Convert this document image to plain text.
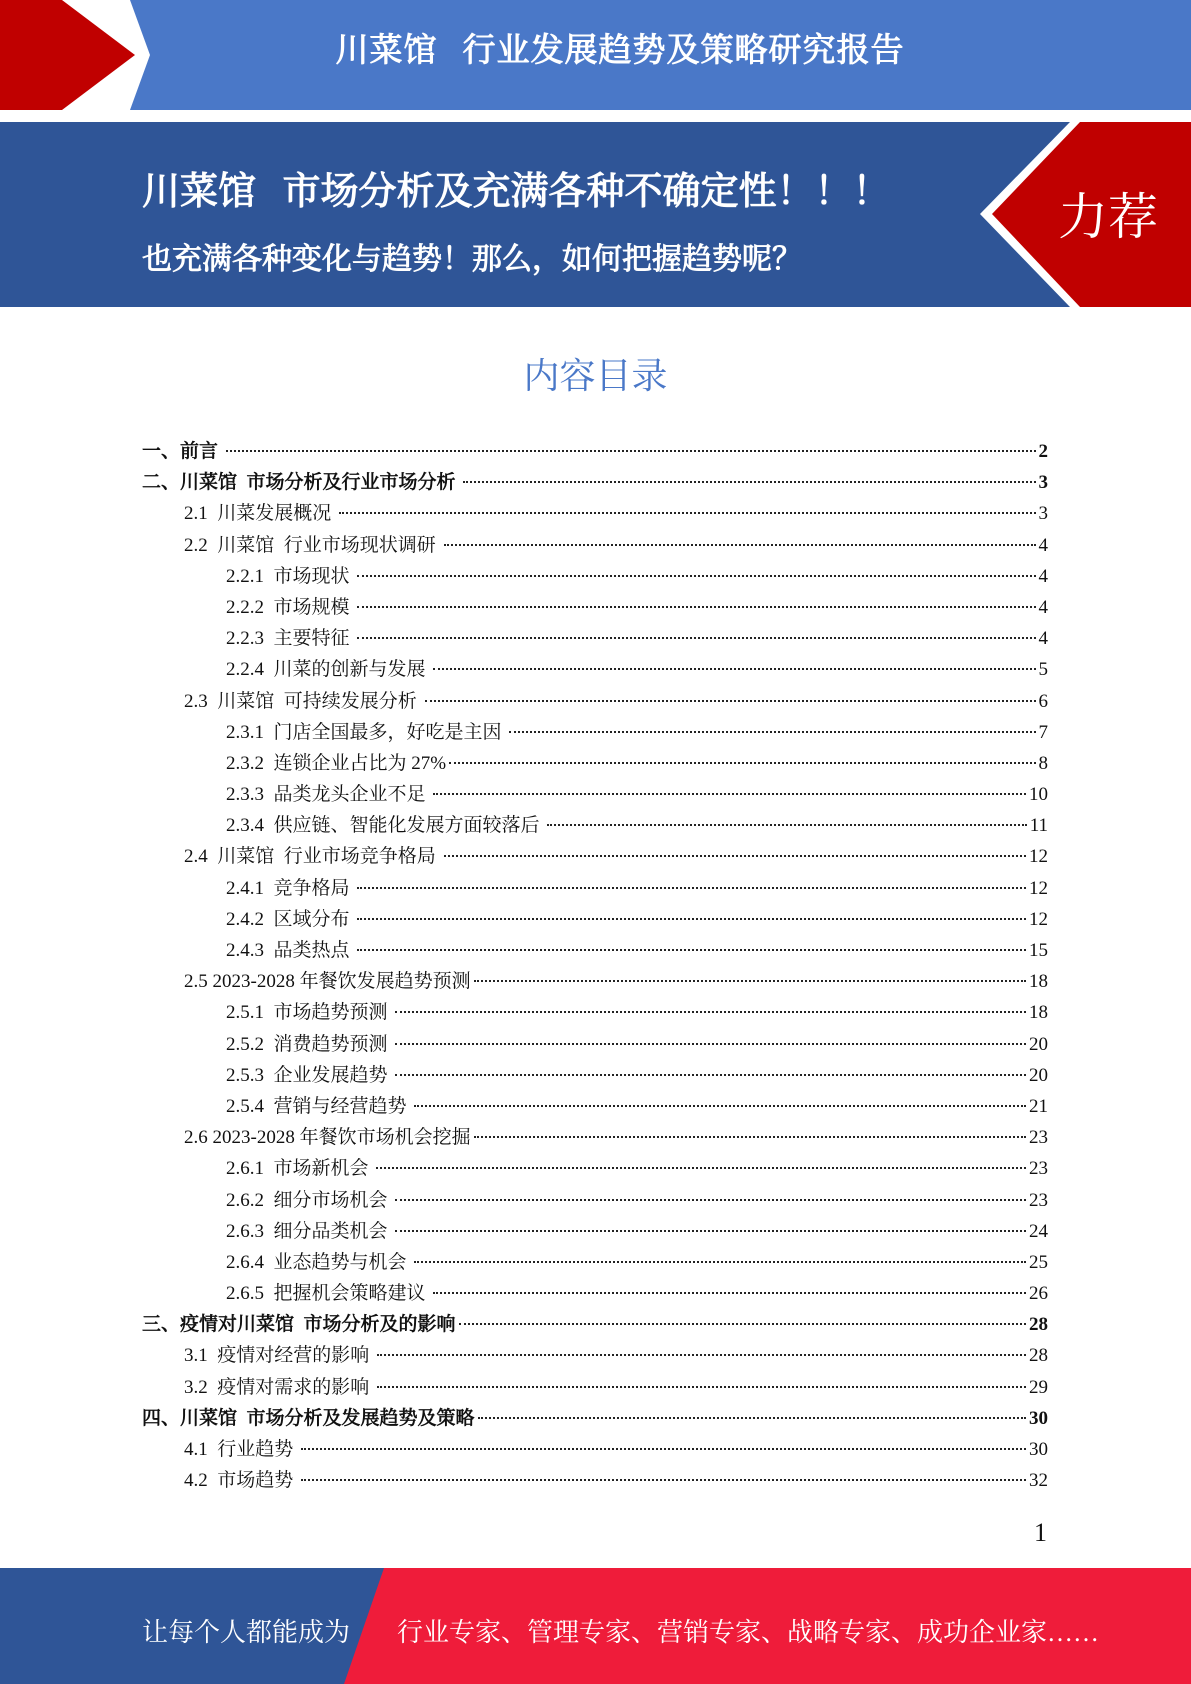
川菜馆  行业发展趋势及策略研究报告
川菜馆  市场分析及充满各种不确定性！！！
也充满各种变化与趋势！那么，如何把握趋势呢？
力荐
内容目录
一、前言	2
二、川菜馆  市场分析及行业市场分析	3
2.1  川菜发展概况	3
2.2  川菜馆  行业市场现状调研	4
2.2.1  市场现状	4
2.2.2  市场规模	4
2.2.3  主要特征	4
2.2.4  川菜的创新与发展	5
2.3  川菜馆  可持续发展分析	6
2.3.1  门店全国最多，好吃是主因	7
2.3.2  连锁企业占比为 27%	8
2.3.3  品类龙头企业不足	10
2.3.4  供应链、智能化发展方面较落后	11
2.4  川菜馆  行业市场竞争格局	12
2.4.1  竞争格局	12
2.4.2  区域分布	12
2.4.3  品类热点	15
2.5 2023-2028 年餐饮发展趋势预测	18
2.5.1  市场趋势预测	18
2.5.2  消费趋势预测	20
2.5.3  企业发展趋势	20
2.5.4  营销与经营趋势	21
2.6 2023-2028 年餐饮市场机会挖掘	23
2.6.1  市场新机会	23
2.6.2  细分市场机会	23
2.6.3  细分品类机会	24
2.6.4  业态趋势与机会	25
2.6.5  把握机会策略建议	26
三、疫情对川菜馆  市场分析及的影响	28
3.1  疫情对经营的影响	28
3.2  疫情对需求的影响	29
四、川菜馆  市场分析及发展趋势及策略	30
4.1  行业趋势	30
4.2  市场趋势	32
1
让每个人都能成为 行业专家、管理专家、营销专家、战略专家、成功企业家……
